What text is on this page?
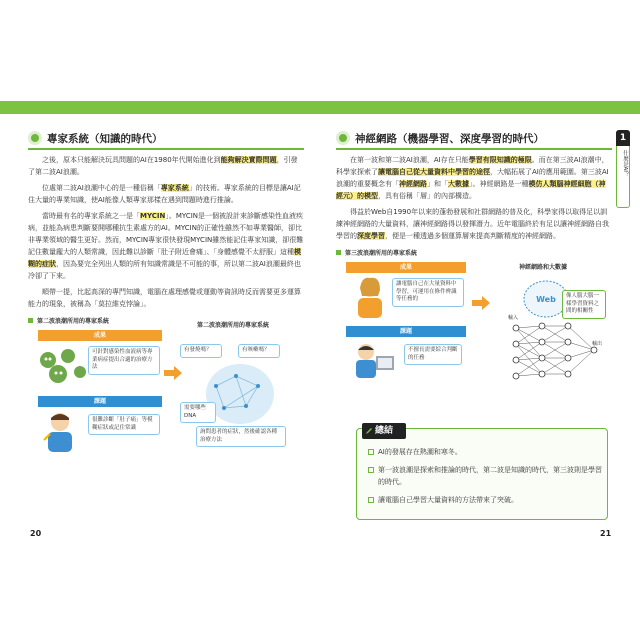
專家系統（知識的時代）

之後，原本只能解決玩具問題的AI在1980年代開始進化到能夠解決實際問題，引發了第二波AI浪潮。

位處第二波AI浪潮中心的是一種俗稱「專家系統」的技術。專家系統的目標是讓AI記住大量的專業知識，使AI能像人類專家那樣在遇到問題時進行推論。

當時最有名的專家系統之一是「MYCIN」。MYCIN是一個被設計來診斷感染性血液疾病，並能為病患判斷要開哪種抗生素處方的AI。MYCIN的正確性雖然不如專業醫師，卻比非專業領域的醫生更好。然而，MYCIN專家很快發現MYCIN雖然能記住專家知識，卻很難記住數量龐大的人類常識，因此難以診斷「肚子附近會痛」、「身體感覺不太舒服」這種模糊的症狀，因為要完全列出人類的所有知識常識是不可能的事，所以第二波AI浪潮最終也冷卻了下來。

順帶一提，比起高深的專門知識，電腦在處理感覺或運動等資訊時反而需要更多運算能力的現象，被稱為「莫拉維克悖論」。

第二波浪潮所用的專家系統
成果
可針對感染性血液病等專業病症提出合適的治療方法
課題
很難診斷「肚子痛」等模糊症狀或記住常識
第二波浪潮所用的專家系統
有發燒嗎？	有咳嗽嗎？
需要哪些DNA
詢問患者的症狀，然後確認各種治療方法
20
神經網路（機器學習、深度學習的時代）

在第一波和第二波AI浪潮，AI存在只能學習有限知識的極限。而在第三波AI浪潮中，科學家探索了讓電腦自己從大量資料中學習的途徑，大幅拓展了AI的應用範圍。第三波AI浪潮的重要概念有「神經網路」和「大數據」。神經網路是一種模仿人類腦神經細胞（神經元）的模型，具有俗稱「層」的內部構造。

得益於Web自1990年以來的蓬勃發展和社群網路的普及化，科學家得以取得足以訓練神經網路的大量資料，讓神經網路得以發揮潛力。近年電腦終於有足以讓神經網路自我學習的深度學習，便是一種透過多個運算層來提高判斷精度的神經網路。

第三波浪潮所用的專家系統
成果
讓電腦自己在大量資料中學習，可運用在條件辨識等任務的
課題
不擅長需要綜合判斷的任務
神經網路和大數據
Web	像人腦大腦一樣學習資料之間的相關性
輸入
輸出
總結
AI的發展存在熱潮和寒冬。
第一波浪潮是探索和推論的時代，第二波是知識的時代，第三波則是學習的時代。
讓電腦自己學習大量資料的方法帶來了突破。
21
1
什麼是AI？
